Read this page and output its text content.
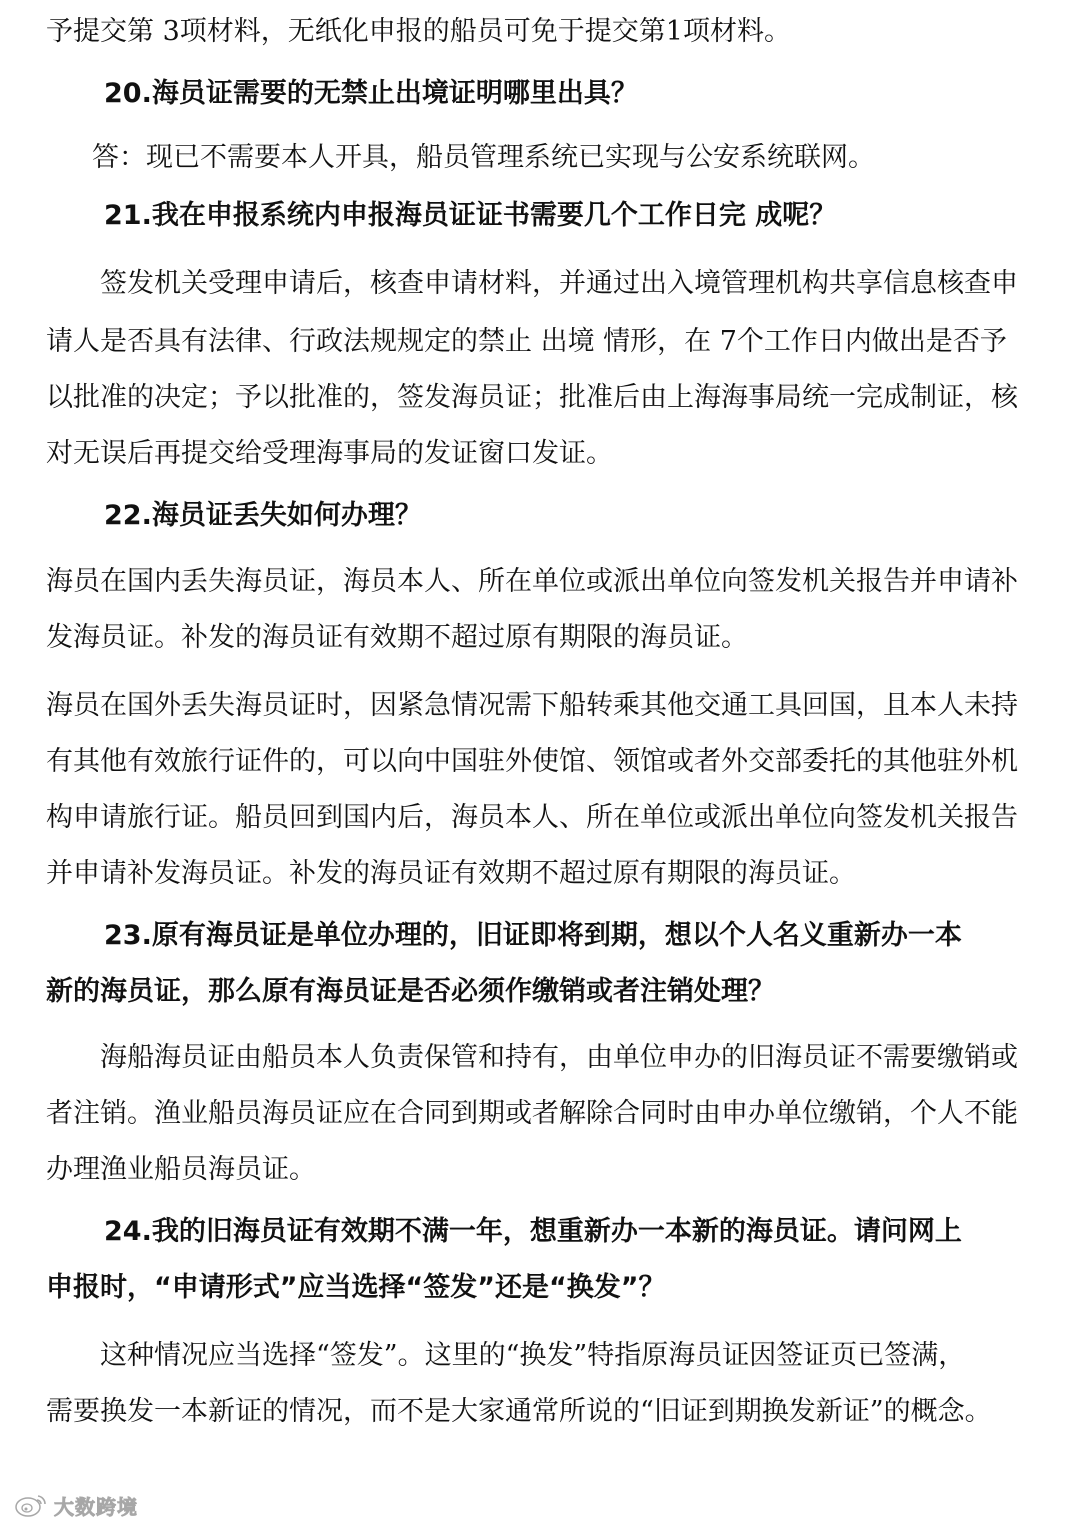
予提交第 3项材料，无纸化申报的船员可免于提交第1项材料。
20.海员证需要的无禁止出境证明哪里出具？
答：现已不需要本人开具，船员管理系统已实现与公安系统联网。
21.我在申报系统内申报海员证证书需要几个工作日完 成呢？
签发机关受理申请后，核查申请材料，并通过出入境管理机构共享信息核查申
请人是否具有法律、行政法规规定的禁止 出境 情形，在 7个工作日内做出是否予
以批准的决定；予以批准的，签发海员证；批准后由上海海事局统一完成制证，核
对无误后再提交给受理海事局的发证窗口发证。
22.海员证丢失如何办理？
海员在国内丢失海员证，海员本人、所在单位或派出单位向签发机关报告并申请补
发海员证。补发的海员证有效期不超过原有期限的海员证。
海员在国外丢失海员证时，因紧急情况需下船转乘其他交通工具回国，且本人未持
有其他有效旅行证件的，可以向中国驻外使馆、领馆或者外交部委托的其他驻外机
构申请旅行证。船员回到国内后，海员本人、所在单位或派出单位向签发机关报告
并申请补发海员证。补发的海员证有效期不超过原有期限的海员证。
23.原有海员证是单位办理的，旧证即将到期，想以个人名义重新办一本
新的海员证，那么原有海员证是否必须作缴销或者注销处理？
海船海员证由船员本人负责保管和持有，由单位申办的旧海员证不需要缴销或
者注销。渔业船员海员证应在合同到期或者解除合同时由申办单位缴销，个人不能
办理渔业船员海员证。
24.我的旧海员证有效期不满一年，想重新办一本新的海员证。请问网上
申报时，“申请形式”应当选择“签发”还是“换发”？
这种情况应当选择“签发”。这里的“换发”特指原海员证因签证页已签满，
需要换发一本新证的情况，而不是大家通常所说的“旧证到期换发新证”的概念。
大数跨境
